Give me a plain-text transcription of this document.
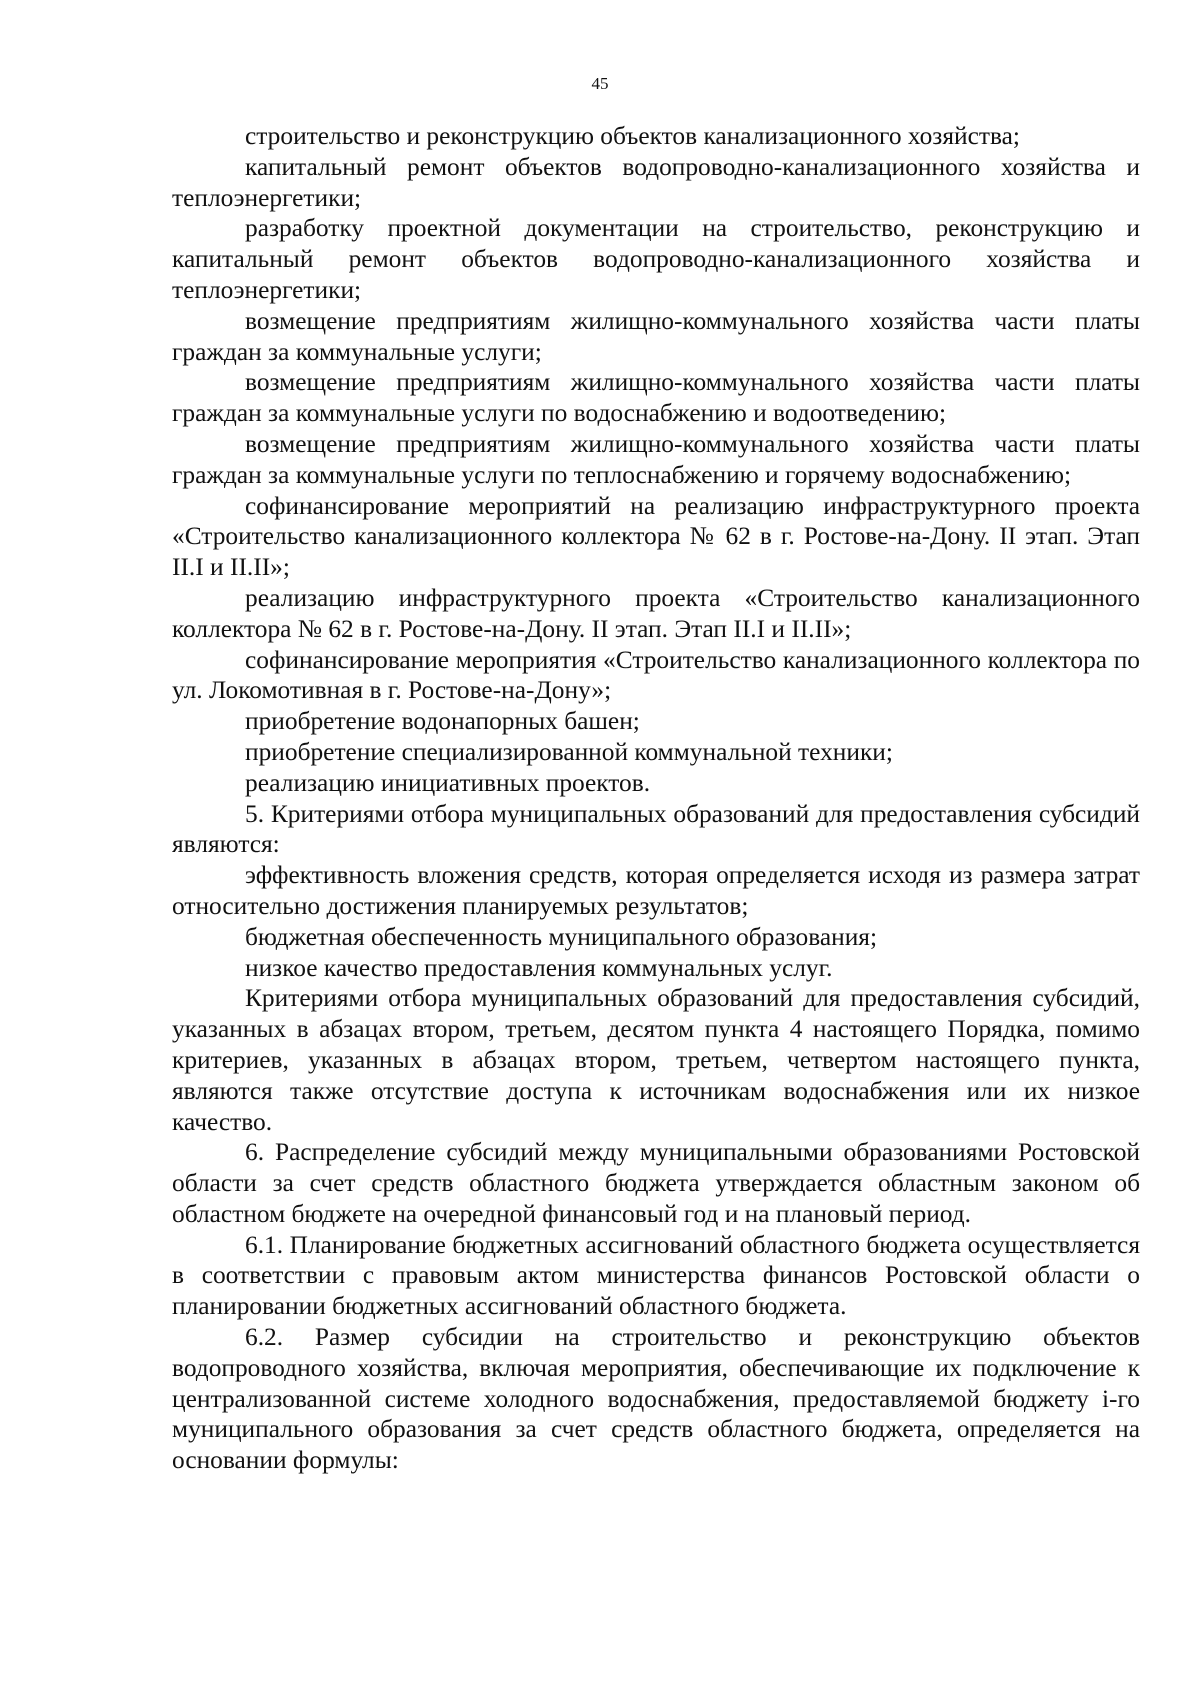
45

строительство и реконструкцию объектов канализационного хозяйства;

капитальный ремонт объектов водопроводно-канализационного хозяйства и теплоэнергетики;

разработку проектной документации на строительство, реконструкцию и капитальный ремонт объектов водопроводно-канализационного хозяйства и теплоэнергетики;

возмещение предприятиям жилищно-коммунального хозяйства части платы граждан за коммунальные услуги;

возмещение предприятиям жилищно-коммунального хозяйства части платы граждан за коммунальные услуги по водоснабжению и водоотведению;

возмещение предприятиям жилищно-коммунального хозяйства части платы граждан за коммунальные услуги по теплоснабжению и горячему водоснабжению;

софинансирование мероприятий на реализацию инфраструктурного проекта «Строительство канализационного коллектора № 62 в г. Ростове-на-Дону. II этап. Этап II.I и II.II»;

реализацию инфраструктурного проекта «Строительство канализационного коллектора № 62 в г. Ростове-на-Дону. II этап. Этап II.I и II.II»;

софинансирование мероприятия «Строительство канализационного коллектора по ул. Локомотивная в г. Ростове-на-Дону»;

приобретение водонапорных башен;

приобретение специализированной коммунальной техники;

реализацию инициативных проектов.

5. Критериями отбора муниципальных образований для предоставления субсидий являются:

эффективность вложения средств, которая определяется исходя из размера затрат относительно достижения планируемых результатов;

бюджетная обеспеченность муниципального образования;

низкое качество предоставления коммунальных услуг.

Критериями отбора муниципальных образований для предоставления субсидий, указанных в абзацах втором, третьем, десятом пункта 4 настоящего Порядка, помимо критериев, указанных в абзацах втором, третьем, четвертом настоящего пункта, являются также отсутствие доступа к источникам водоснабжения или их низкое качество.

6. Распределение субсидий между муниципальными образованиями Ростовской области за счет средств областного бюджета утверждается областным законом об областном бюджете на очередной финансовый год и на плановый период.

6.1. Планирование бюджетных ассигнований областного бюджета осуществляется в соответствии с правовым актом министерства финансов Ростовской области о планировании бюджетных ассигнований областного бюджета.

6.2. Размер субсидии на строительство и реконструкцию объектов водопроводного хозяйства, включая мероприятия, обеспечивающие их подключение к централизованной системе холодного водоснабжения, предоставляемой бюджету i-го муниципального образования за счет средств областного бюджета, определяется на основании формулы:
